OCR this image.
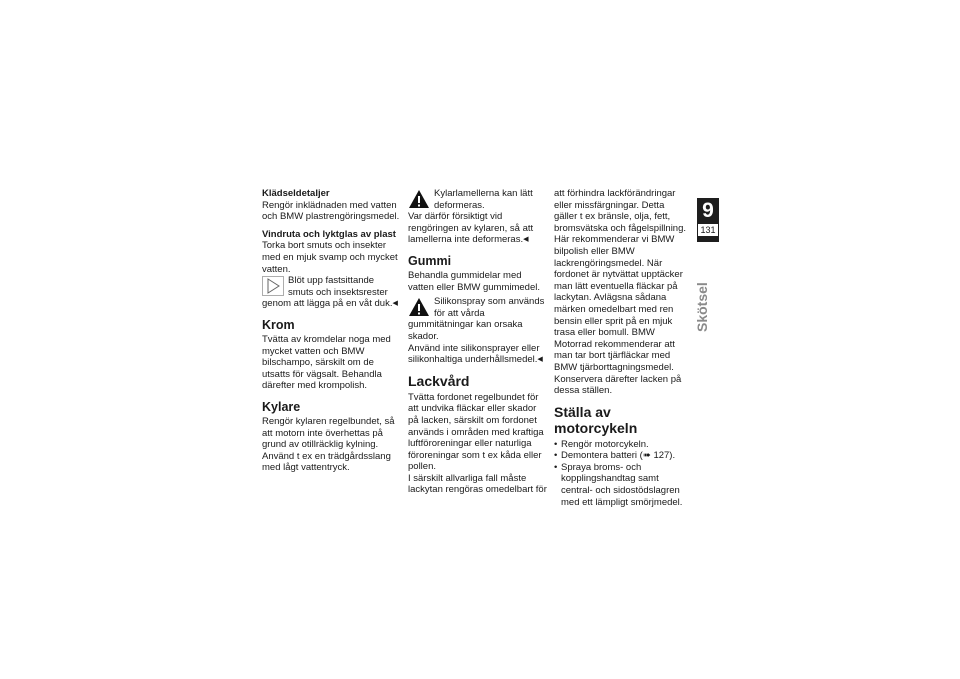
Klädseldetaljer

Rengör inklädnaden med vatten och BMW plastrengöringsmedel.

Vindruta och lyktglas av plast

Torka bort smuts och insekter med en mjuk svamp och mycket vatten.

Blöt upp fastsittande smuts och insektsrester genom att lägga på en våt duk.◀
Krom

Tvätta av kromdelar noga med mycket vatten och BMW bilschampo, särskilt om de utsatts för vägsalt. Behandla därefter med krompolish.

Kylare

Rengör kylaren regelbundet, så att motorn inte överhettas på grund av otillräcklig kylning. Använd t ex en trädgårdsslang med lågt vattentryck.

Kylarlamellerna kan lätt deformeras.

Var därför försiktigt vid rengöringen av kylaren, så att lamellerna inte deformeras.◀

Gummi

Behandla gummidelar med vatten eller BMW gummimedel.

Silikonspray som används för att vårda gummitätningar kan orsaka skador.

Använd inte silikonsprayer eller silikonhaltiga underhållsmedel.◀

Lackvård

Tvätta fordonet regelbundet för att undvika fläckar eller skador på lacken, särskilt om fordonet används i områden med kraftiga luftföroreningar eller naturliga föroreningar som t ex kåda eller pollen.

I särskilt allvarliga fall måste lackytan rengöras omedelbart för

att förhindra lackförändringar eller missfärgningar. Detta gäller t ex bränsle, olja, fett, bromsvätska och fågelspillning. Här rekommenderar vi BMW bilpolish eller BMW lackrengöringsmedel. När fordonet är nytvättat upptäcker man lätt eventuella fläckar på lackytan. Avlägsna sådana märken omedelbart med ren bensin eller sprit på en mjuk trasa eller bomull. BMW Motorrad rekommenderar att man tar bort tjärfläckar med BMW tjärborttagningsmedel. Konservera därefter lacken på dessa ställen.

Ställa av motorcykeln
• Rengör motorcykeln.
• Demontera batteri (➠ 127).
• Spraya broms- och kopplingshandtag samt central- och sidostödslagren med ett lämpligt smörjmedel.
9
131
Skötsel
